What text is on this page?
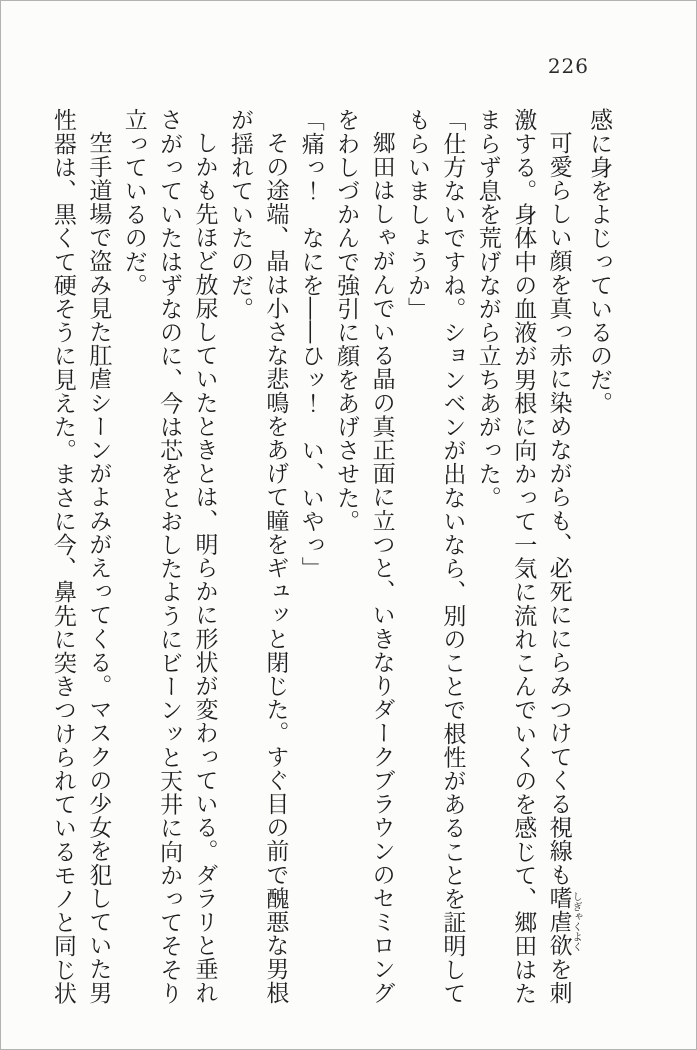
226

感に身をよじっているのだ。

可愛らしい顔を真っ赤に染めながらも、必死ににらみつけてくる視線も嗜虐欲しぎゃくよくを刺激する。身体中の血液が男根に向かって一気に流れこんでいくのを感じて、郷田はたまらず息を荒げながら立ちあがった。

「仕方ないですね。ションベンが出ないなら、別のことで根性があることを証明してもらいましょうか」

郷田はしゃがんでいる晶の真正面に立つと、いきなりダークブラウンのセミロングをわしづかんで強引に顔をあげさせた。

「痛っ！　なにを――ひッ！　い、いやっ」

その途端、晶は小さな悲鳴をあげて瞳をギュッと閉じた。すぐ目の前で醜悪な男根が揺れていたのだ。

しかも先ほど放尿していたときとは、明らかに形状が変わっている。ダラリと垂れさがっていたはずなのに、今は芯をとおしたようにビーンッと天井に向かってそそり立っているのだ。

空手道場で盗み見た肛虐シーンがよみがえってくる。マスクの少女を犯していた男性器は、黒くて硬そうに見えた。まさに今、鼻先に突きつけられているモノと同じ状
